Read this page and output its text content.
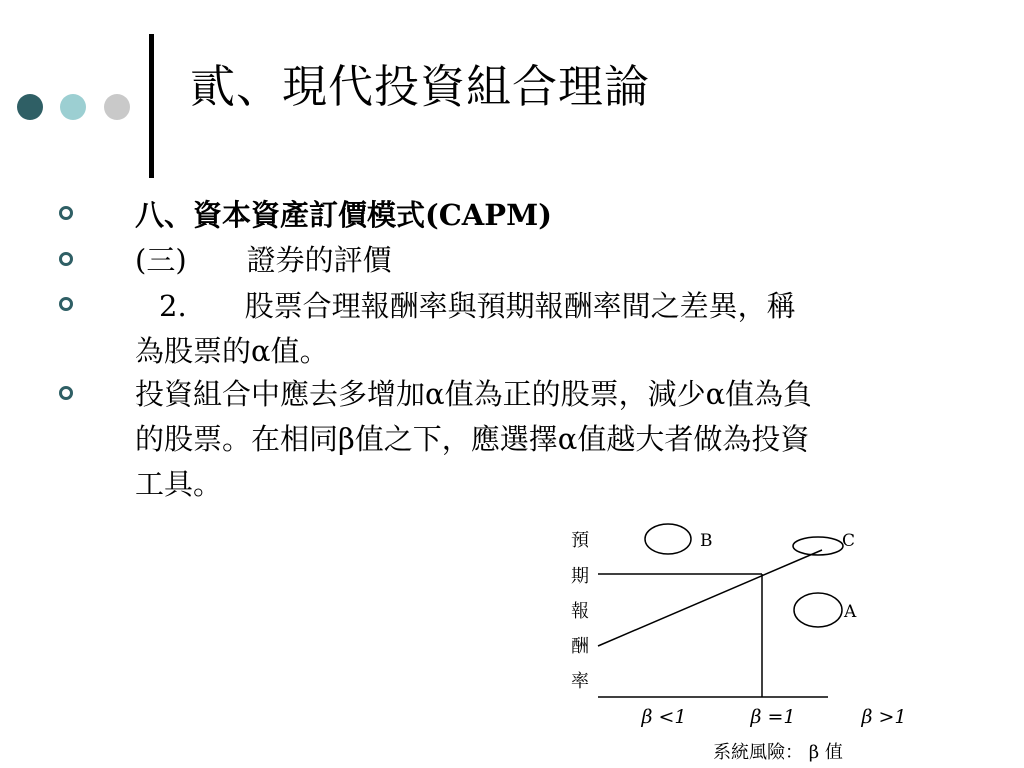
貳、現代投資組合理論
八、資本資產訂價模式(CAPM)
(三) 證券的評價
2. 股票合理報酬率與預期報酬率間之差異，稱
為股票的α值。
投資組合中應去多增加α值為正的股票，減少α值為負
的股票。在相同β值之下，應選擇α值越大者做為投資
工具。
預
期
報
酬
率
B	C
A
β <1	β =1	β >1
系統風險： β 值
